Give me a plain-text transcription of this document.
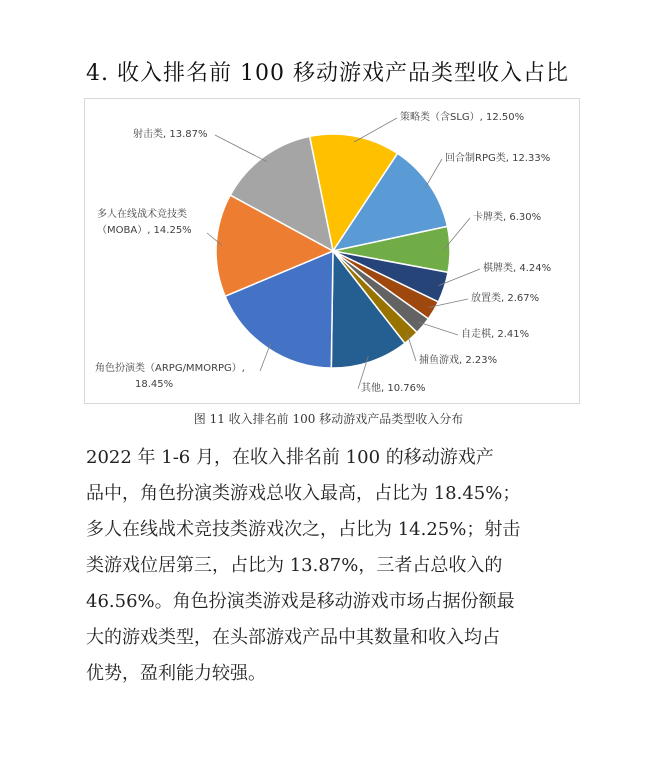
4. 收入排名前 100 移动游戏产品类型收入占比
策略类（含SLG）, 12.50%
回合制RPG类, 12.33%
卡牌类, 6.30%
棋牌类, 4.24%
放置类, 2.67%
自走棋, 2.41%
捕鱼游戏, 2.23%
其他, 10.76%
角色扮演类（ARPG/MMORPG）, 18.45%
多人在线战术竞技类（MOBA）, 14.25%
射击类, 13.87%
图 11 收入排名前 100 移动游戏产品类型收入分布
2022 年 1-6 月，在收入排名前 100 的移动游戏产
品中，角色扮演类游戏总收入最高，占比为 18.45%；
多人在线战术竞技类游戏次之，占比为 14.25%；射击
类游戏位居第三，占比为 13.87%，三者占总收入的
46.56%。角色扮演类游戏是移动游戏市场占据份额最
大的游戏类型，在头部游戏产品中其数量和收入均占
优势，盈利能力较强。
